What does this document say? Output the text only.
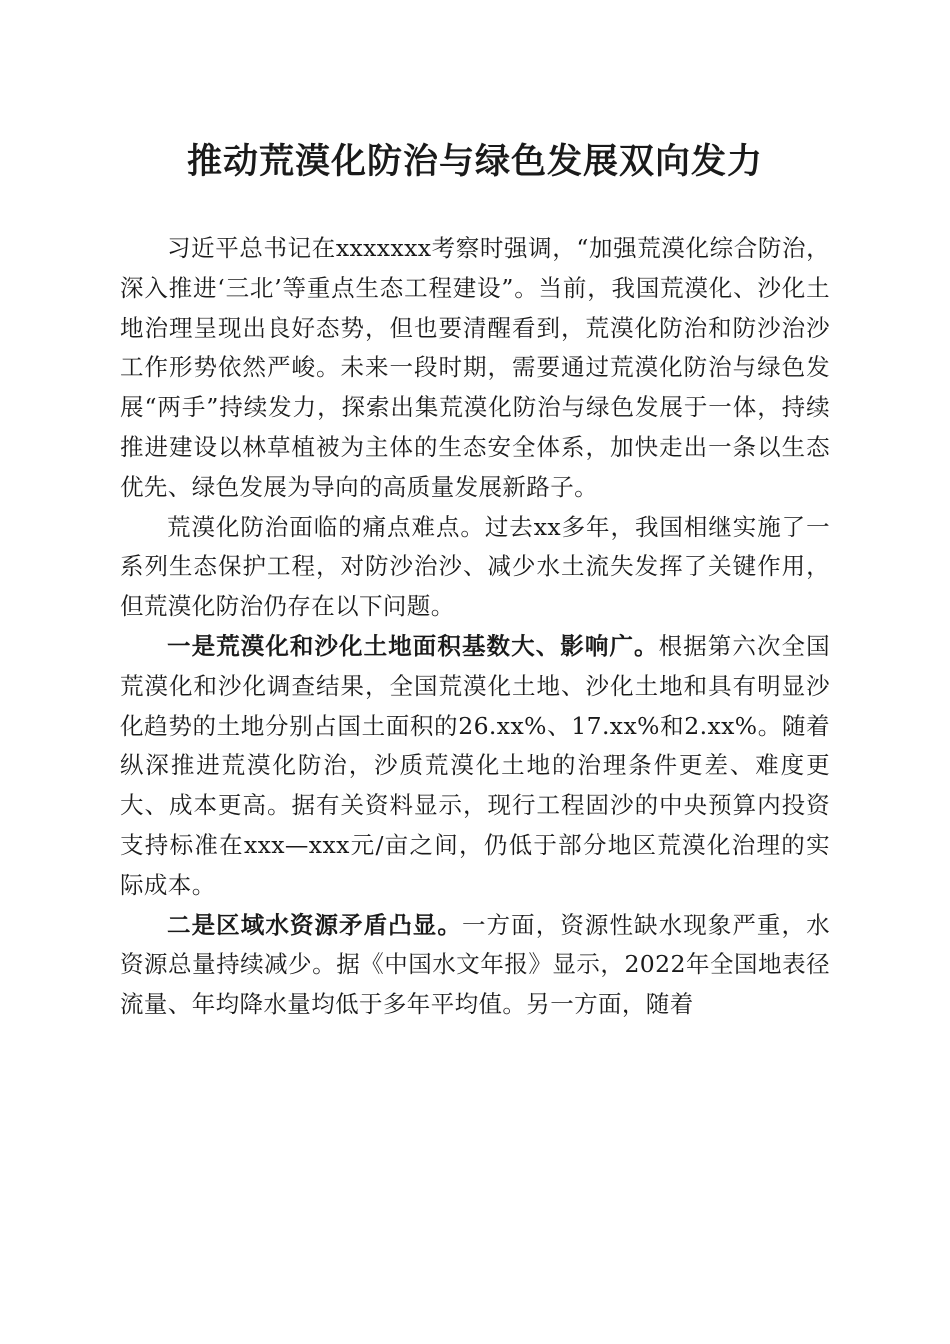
推动荒漠化防治与绿色发展双向发力

习近平总书记在xxxxxxx考察时强调，“加强荒漠化综合防治，深入推进‘三北’等重点生态工程建设”。当前，我国荒漠化、沙化土地治理呈现出良好态势，但也要清醒看到，荒漠化防治和防沙治沙工作形势依然严峻。未来一段时期，需要通过荒漠化防治与绿色发展“两手”持续发力，探索出集荒漠化防治与绿色发展于一体，持续推进建设以林草植被为主体的生态安全体系，加快走出一条以生态优先、绿色发展为导向的高质量发展新路子。

荒漠化防治面临的痛点难点。过去xx多年，我国相继实施了一系列生态保护工程，对防沙治沙、减少水土流失发挥了关键作用，但荒漠化防治仍存在以下问题。

一是荒漠化和沙化土地面积基数大、影响广。根据第六次全国荒漠化和沙化调查结果，全国荒漠化土地、沙化土地和具有明显沙化趋势的土地分别占国土面积的26.xx%、17.xx%和2.xx%。随着纵深推进荒漠化防治，沙质荒漠化土地的治理条件更差、难度更大、成本更高。据有关资料显示，现行工程固沙的中央预算内投资支持标准在xxx—xxx元/亩之间，仍低于部分地区荒漠化治理的实际成本。

二是区域水资源矛盾凸显。一方面，资源性缺水现象严重，水资源总量持续减少。据《中国水文年报》显示，2022年全国地表径流量、年均降水量均低于多年平均值。另一方面，随着
